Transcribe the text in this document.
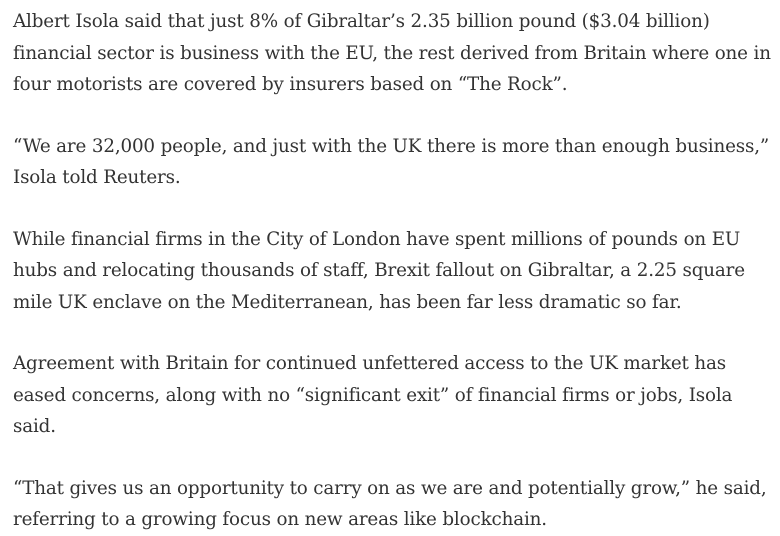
Albert Isola said that just 8% of Gibraltar’s 2.35 billion pound ($3.04 billion) financial sector is business with the EU, the rest derived from Britain where one in four motorists are covered by insurers based on “The Rock”.

“We are 32,000 people, and just with the UK there is more than enough business,” Isola told Reuters.

While financial firms in the City of London have spent millions of pounds on EU hubs and relocating thousands of staff, Brexit fallout on Gibraltar, a 2.25 square mile UK enclave on the Mediterranean, has been far less dramatic so far.

Agreement with Britain for continued unfettered access to the UK market has eased concerns, along with no “significant exit” of financial firms or jobs, Isola said.

“That gives us an opportunity to carry on as we are and potentially grow,” he said, referring to a growing focus on new areas like blockchain.
